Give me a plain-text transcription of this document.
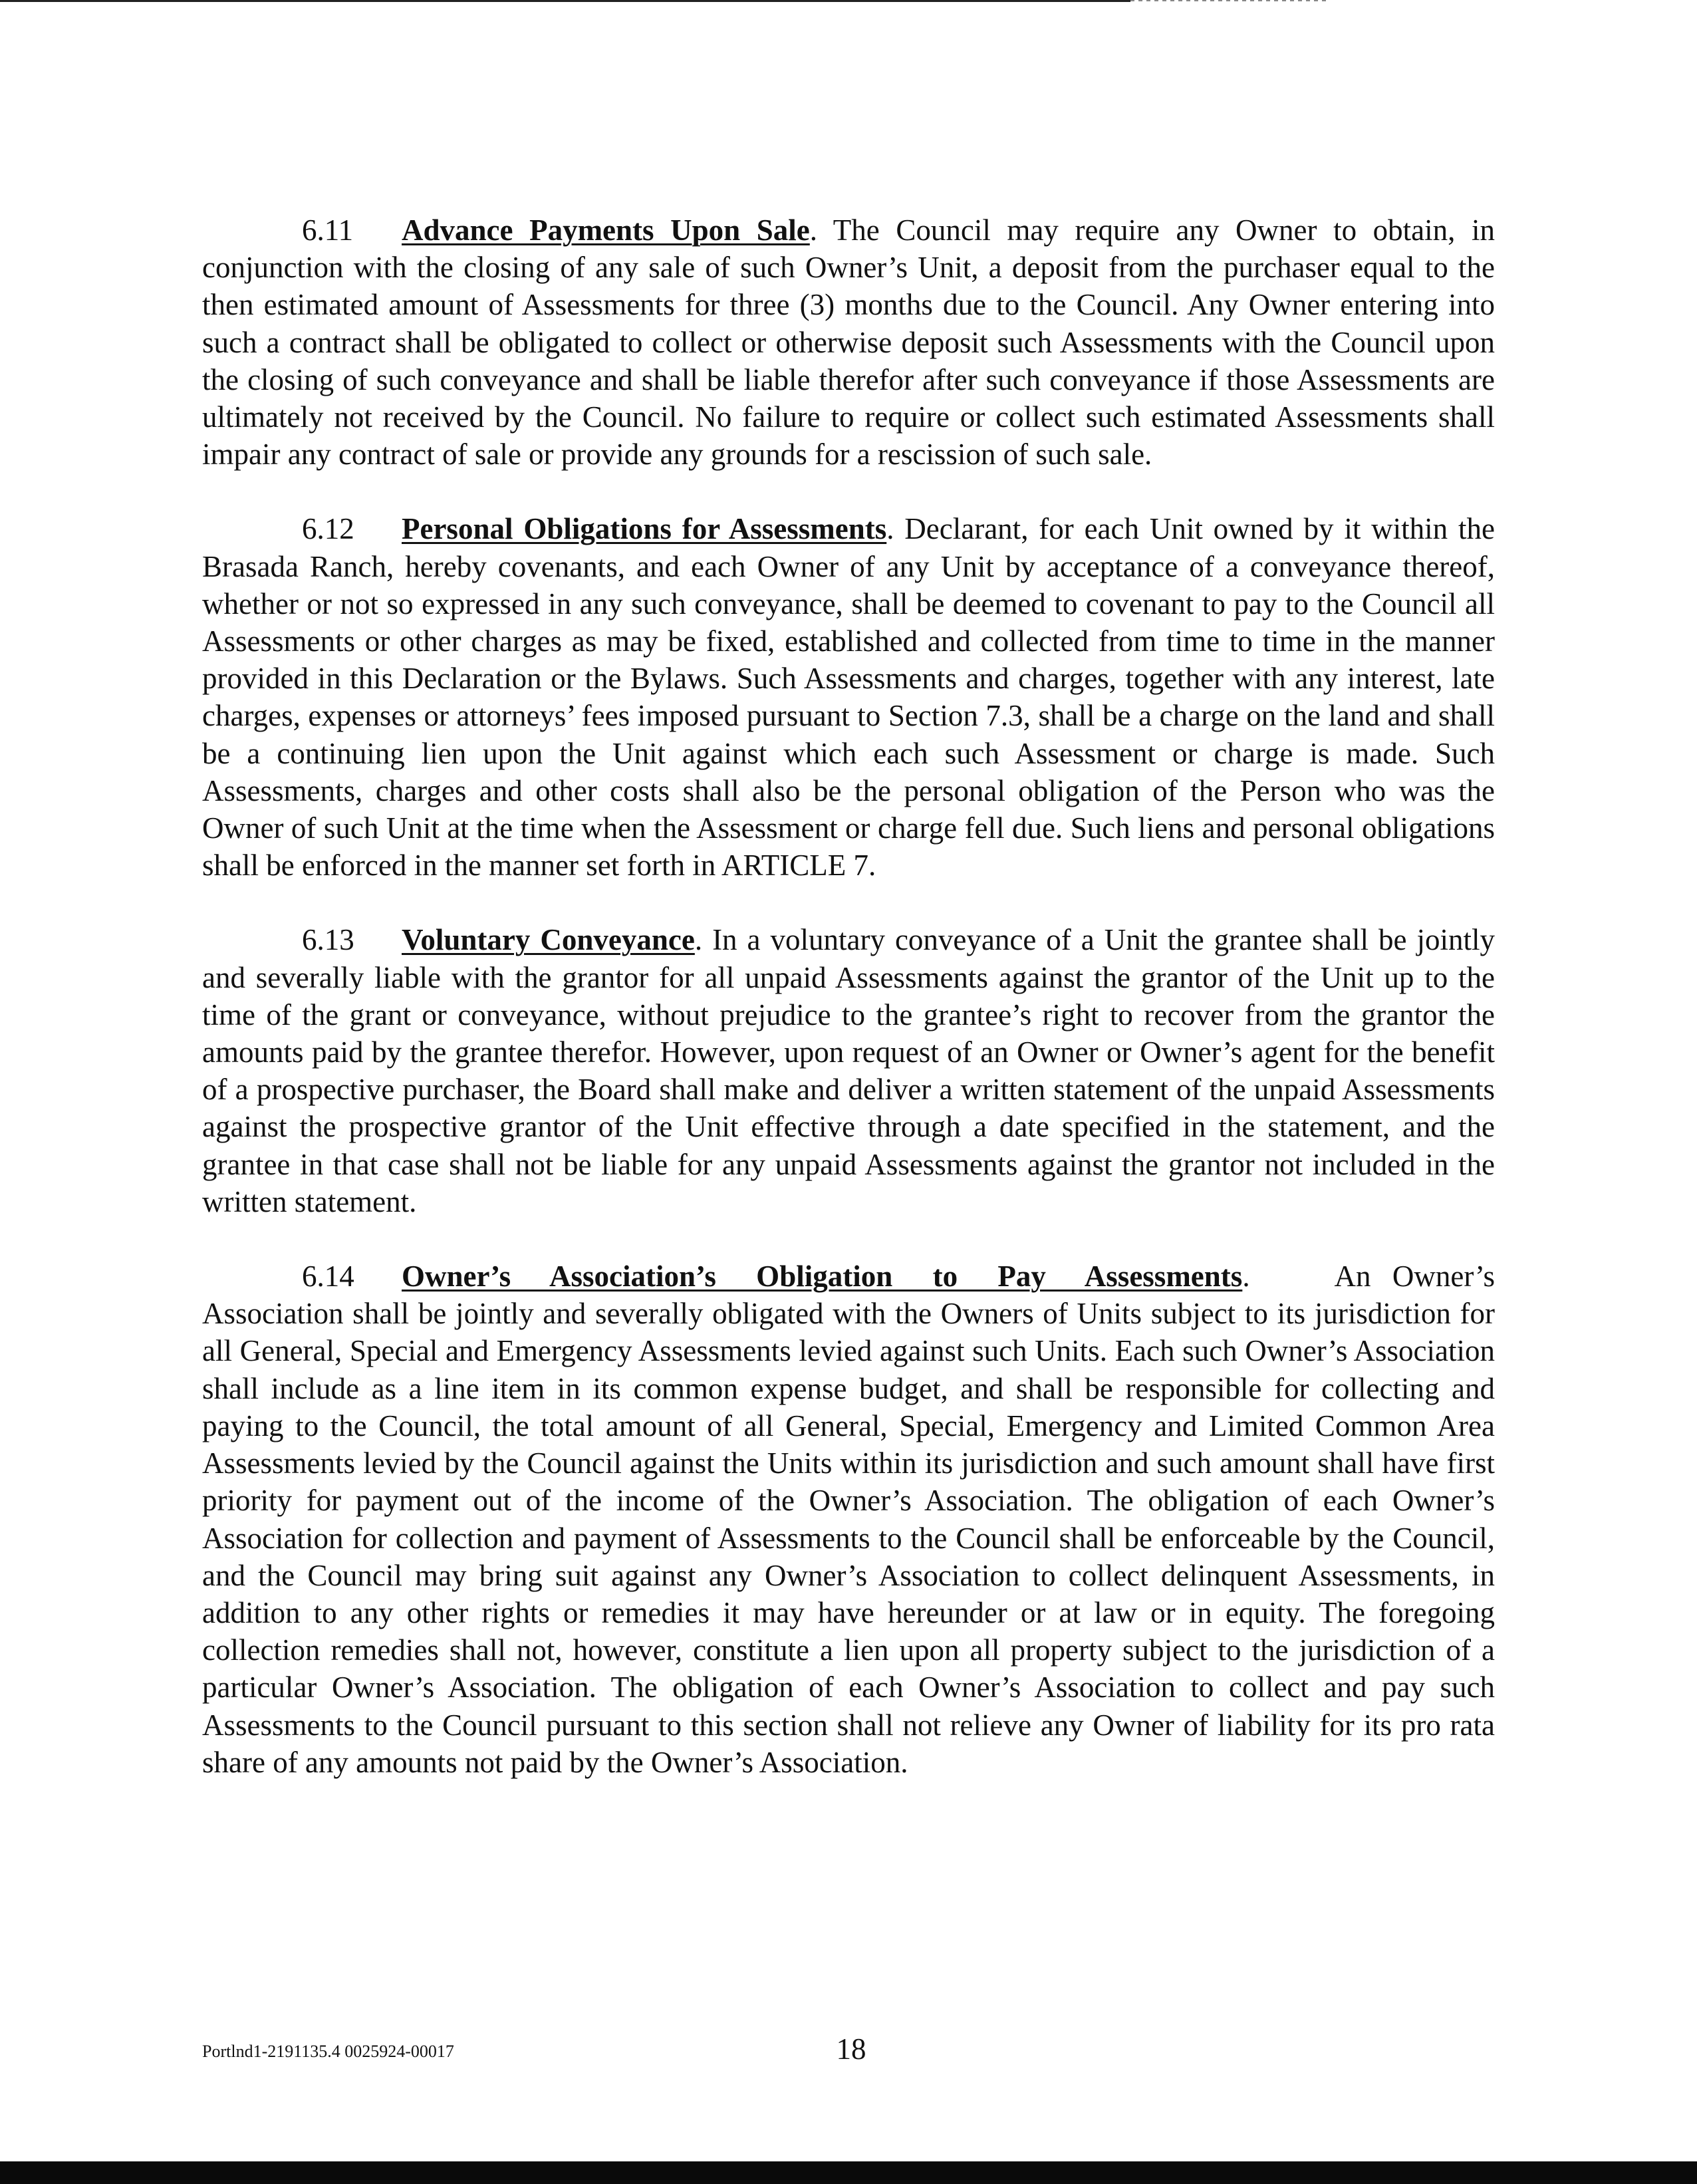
6.11 Advance Payments Upon Sale. The Council may require any Owner to obtain, in conjunction with the closing of any sale of such Owner’s Unit, a deposit from the purchaser equal to the then estimated amount of Assessments for three (3) months due to the Council. Any Owner entering into such a contract shall be obligated to collect or otherwise deposit such Assessments with the Council upon the closing of such conveyance and shall be liable therefor after such conveyance if those Assessments are ultimately not received by the Council. No failure to require or collect such estimated Assessments shall impair any contract of sale or provide any grounds for a rescission of such sale.

6.12 Personal Obligations for Assessments. Declarant, for each Unit owned by it within the Brasada Ranch, hereby covenants, and each Owner of any Unit by acceptance of a conveyance thereof, whether or not so expressed in any such conveyance, shall be deemed to covenant to pay to the Council all Assessments or other charges as may be fixed, established and collected from time to time in the manner provided in this Declaration or the Bylaws. Such Assessments and charges, together with any interest, late charges, expenses or attorneys’ fees imposed pursuant to Section 7.3, shall be a charge on the land and shall be a continuing lien upon the Unit against which each such Assessment or charge is made. Such Assessments, charges and other costs shall also be the personal obligation of the Person who was the Owner of such Unit at the time when the Assessment or charge fell due. Such liens and personal obligations shall be enforced in the manner set forth in ARTICLE 7.

6.13 Voluntary Conveyance. In a voluntary conveyance of a Unit the grantee shall be jointly and severally liable with the grantor for all unpaid Assessments against the grantor of the Unit up to the time of the grant or conveyance, without prejudice to the grantee’s right to recover from the grantor the amounts paid by the grantee therefor. However, upon request of an Owner or Owner’s agent for the benefit of a prospective purchaser, the Board shall make and deliver a written statement of the unpaid Assessments against the prospective grantor of the Unit effective through a date specified in the statement, and the grantee in that case shall not be liable for any unpaid Assessments against the grantor not included in the written statement.

6.14 Owner’s Association’s Obligation to Pay Assessments.    An Owner’s Association shall be jointly and severally obligated with the Owners of Units subject to its jurisdiction for all General, Special and Emergency Assessments levied against such Units. Each such Owner’s Association shall include as a line item in its common expense budget, and shall be responsible for collecting and paying to the Council, the total amount of all General, Special, Emergency and Limited Common Area Assessments levied by the Council against the Units within its jurisdiction and such amount shall have first priority for payment out of the income of the Owner’s Association. The obligation of each Owner’s Association for collection and payment of Assessments to the Council shall be enforceable by the Council, and the Council may bring suit against any Owner’s Association to collect delinquent Assessments, in addition to any other rights or remedies it may have hereunder or at law or in equity. The foregoing collection remedies shall not, however, constitute a lien upon all property subject to the jurisdiction of a particular Owner’s Association. The obligation of each Owner’s Association to collect and pay such Assessments to the Council pursuant to this section shall not relieve any Owner of liability for its pro rata share of any amounts not paid by the Owner’s Association.

Portlnd1-2191135.4 0025924-00017	18
